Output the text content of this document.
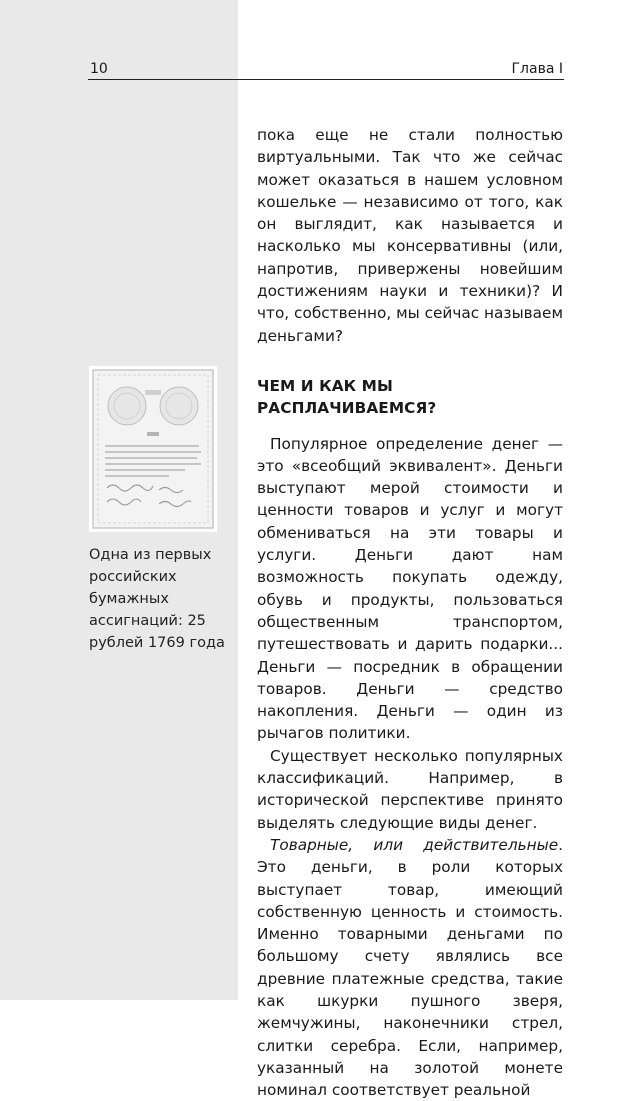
10	Глава I

Одна из первых российских бумажных ассигнаций: 25 рублей 1769 года

пока еще не стали полностью виртуальными. Так что же сейчас может оказаться в нашем условном кошельке — независимо от того, как он выглядит, как называется и насколько мы консервативны (или, напротив, привержены новейшим достижениям науки и техники)? И что, собственно, мы сейчас называем деньгами?

ЧЕМ И КАК МЫ РАСПЛАЧИВАЕМСЯ?

Популярное определение денег — это «всеобщий эквивалент». Деньги выступают мерой стоимости и ценности товаров и услуг и могут обмениваться на эти товары и услуги. Деньги дают нам возможность покупать одежду, обувь и продукты, пользоваться общественным транспортом, путешествовать и дарить подарки... Деньги — посредник в обращении товаров. Деньги — средство накопления. Деньги — один из рычагов политики.

Существует несколько популярных классификаций. Например, в исторической перспективе принято выделять следующие виды денег.

Товарные, или действительные. Это деньги, в роли которых выступает товар, имеющий собственную ценность и стоимость. Именно товарными деньгами по большому счету являлись все древние платежные средства, такие как шкурки пушного зверя, жемчужины, наконечники стрел, слитки серебра. Если, например, указанный на золотой монете номинал соответствует реальной
